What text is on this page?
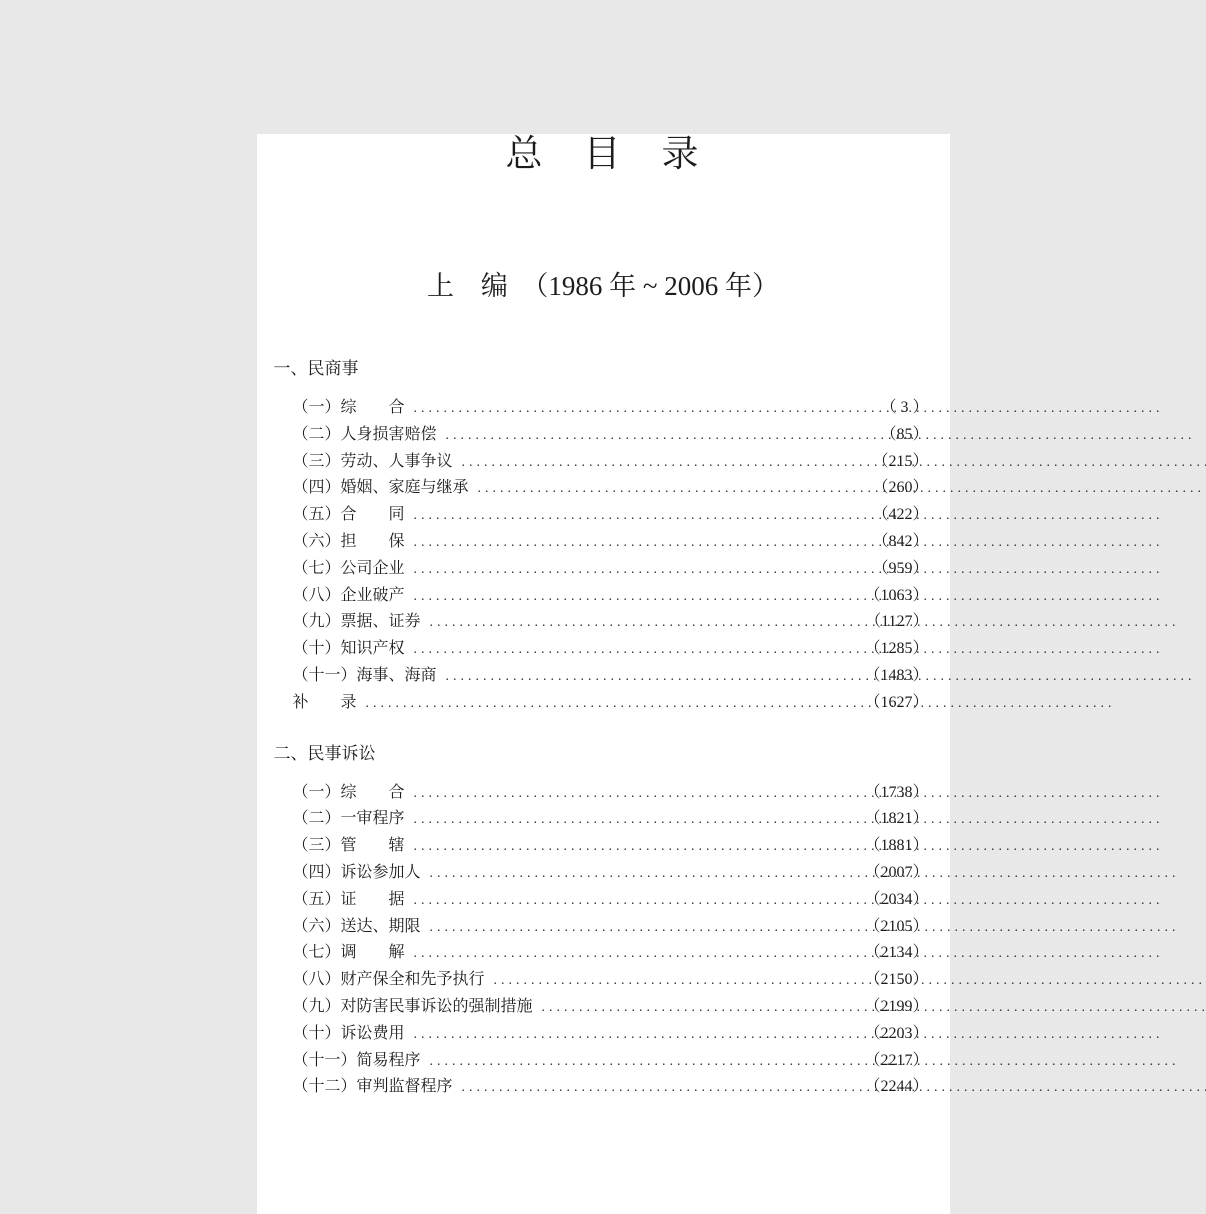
总　目　录
上　编　（1986 年 ~ 2006 年）
一、民商事
（一）综　　合 .....	（ 3 ）
（二）人身损害赔偿 .....	（85）
（三）劳动、人事争议 .....	（215）
（四）婚姻、家庭与继承 .....	（260）
（五）合　　同 .....	（422）
（六）担　　保 .....	（842）
（七）公司企业 .....	（959）
（八）企业破产 .....	（1063）
（九）票据、证券 .....	（1127）
（十）知识产权 .....	（1285）
（十一）海事、海商 .....	（1483）
补　　录 .....	（1627）
二、民事诉讼
（一）综　　合 .....	（1738）
（二）一审程序 .....	（1821）
（三）管　　辖 .....	（1881）
（四）诉讼参加人 .....	（2007）
（五）证　　据 .....	（2034）
（六）送达、期限 .....	（2105）
（七）调　　解 .....	（2134）
（八）财产保全和先予执行 .....	（2150）
（九）对防害民事诉讼的强制措施 .....	（2199）
（十）诉讼费用 .....	（2203）
（十一）简易程序 .....	（2217）
（十二）审判监督程序 .....	（2244）
